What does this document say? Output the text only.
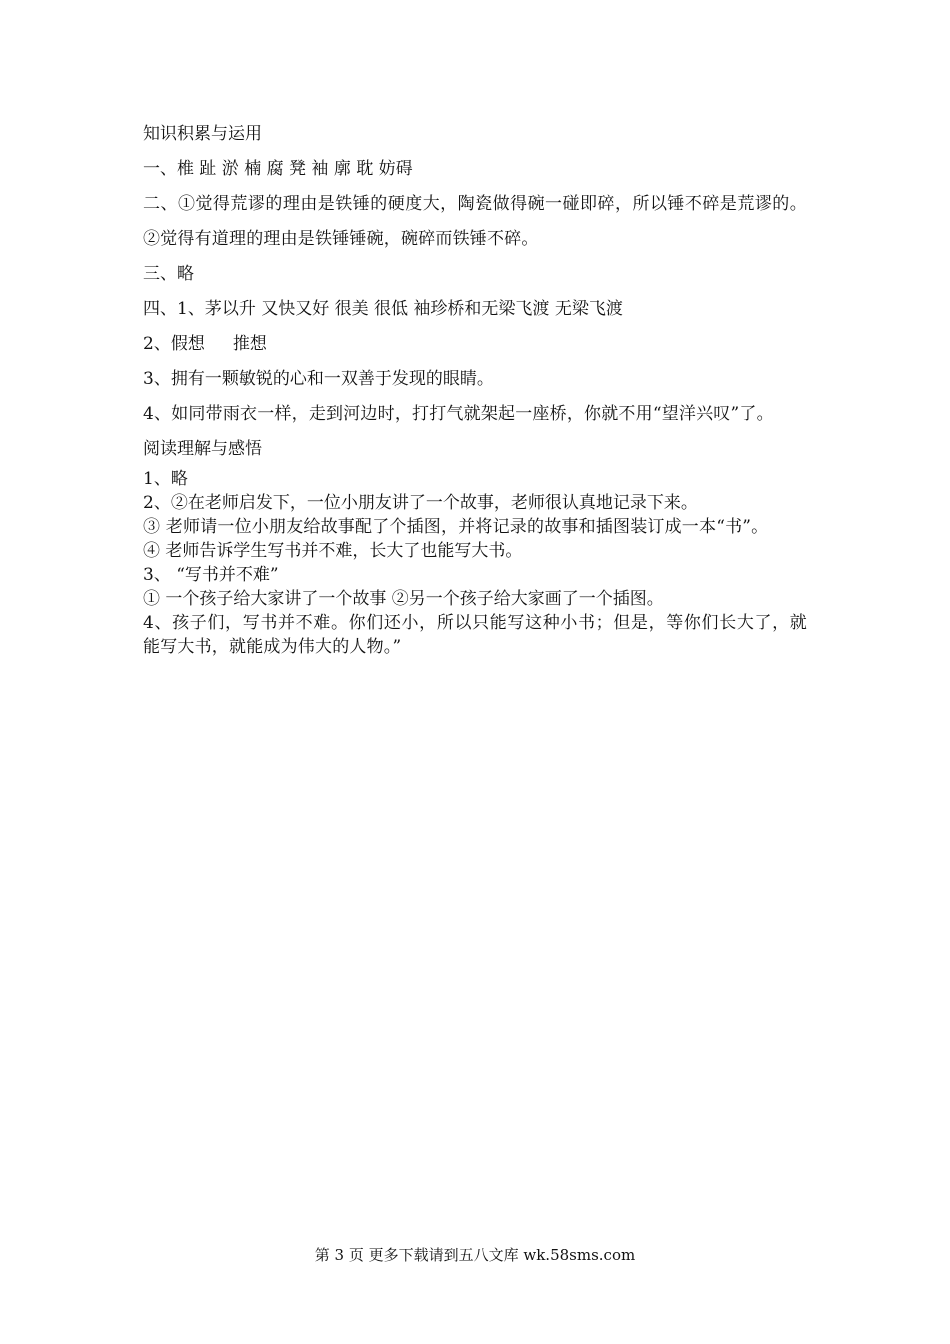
知识积累与运用
一、椎 趾 淤 楠 腐 凳 袖 廓 耽 妨碍
二、①觉得荒谬的理由是铁锤的硬度大，陶瓷做得碗一碰即碎，所以锤不碎是荒谬的。②觉得有道理的理由是铁锤锤碗，碗碎而铁锤不碎。
三、略
四、1、茅以升 又快又好 很美 很低 袖珍桥和无梁飞渡 无梁飞渡
2、假想 推想
3、拥有一颗敏锐的心和一双善于发现的眼睛。
4、如同带雨衣一样，走到河边时，打打气就架起一座桥，你就不用“望洋兴叹”了。
阅读理解与感悟
1、略
2、②在老师启发下，一位小朋友讲了一个故事，老师很认真地记录下来。
③ 老师请一位小朋友给故事配了个插图，并将记录的故事和插图装订成一本“书”。
④ 老师告诉学生写书并不难，长大了也能写大书。
3、 “写书并不难”
① 一个孩子给大家讲了一个故事 ②另一个孩子给大家画了一个插图。
4、孩子们，写书并不难。你们还小，所以只能写这种小书；但是，等你们长大了，就能写大书，就能成为伟大的人物。”
第 3 页 更多下载请到五八文库 wk.58sms.com
